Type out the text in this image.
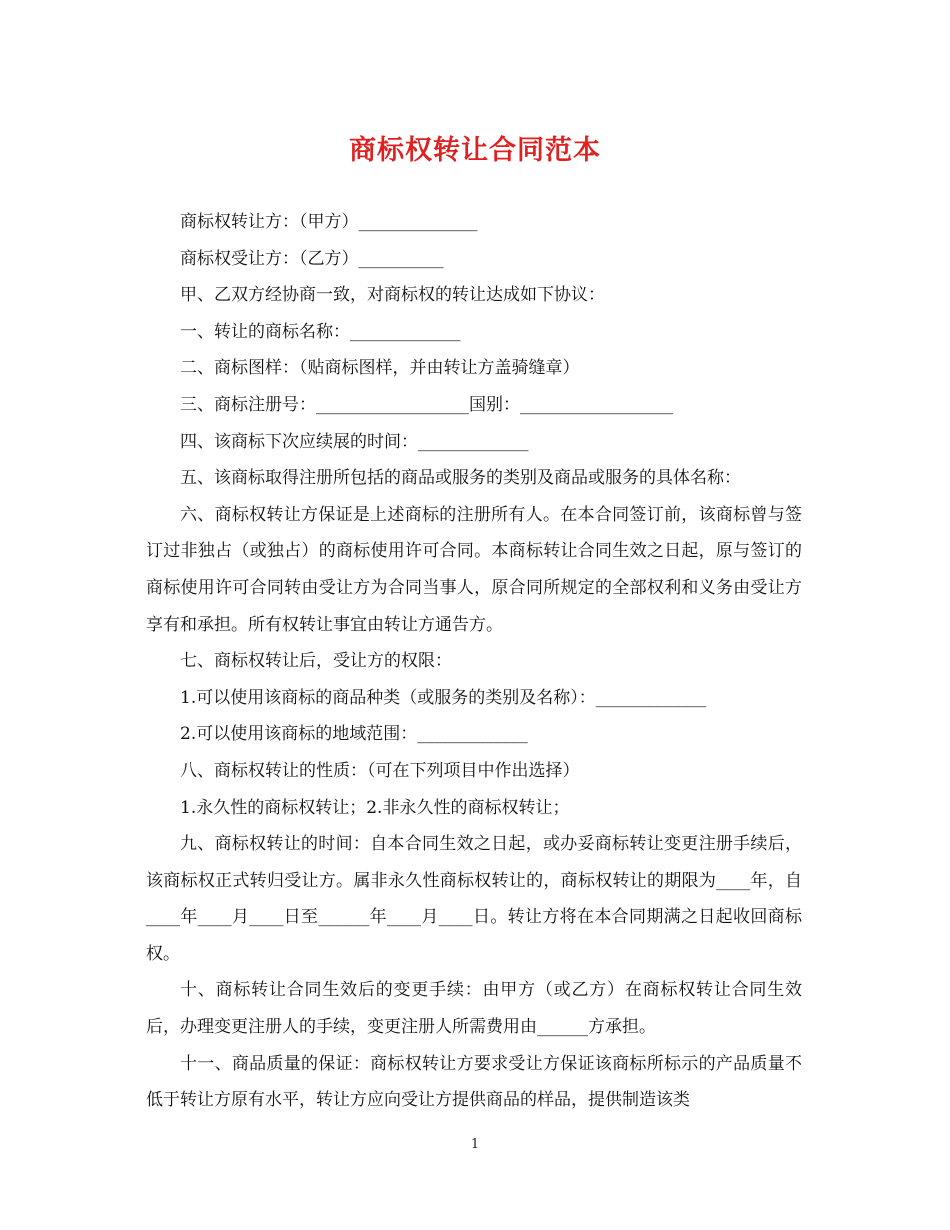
商标权转让合同范本

商标权转让方：（甲方）______________

商标权受让方：（乙方）__________

甲、乙双方经协商一致，对商标权的转让达成如下协议：

一、转让的商标名称：_____________

二、商标图样：（贴商标图样，并由转让方盖骑缝章）

三、商标注册号：__________________国别：__________________

四、该商标下次应续展的时间：_____________

五、该商标取得注册所包括的商品或服务的类别及商品或服务的具体名称：

六、商标权转让方保证是上述商标的注册所有人。在本合同签订前，该商标曾与签订过非独占（或独占）的商标使用许可合同。本商标转让合同生效之日起，原与签订的商标使用许可合同转由受让方为合同当事人，原合同所规定的全部权利和义务由受让方享有和承担。所有权转让事宜由转让方通告方。

七、商标权转让后，受让方的权限：

1.可以使用该商标的商品种类（或服务的类别及名称）：_____________

2.可以使用该商标的地域范围：_____________

八、商标权转让的性质：（可在下列项目中作出选择）

1.永久性的商标权转让；2.非永久性的商标权转让；

九、商标权转让的时间：自本合同生效之日起，或办妥商标转让变更注册手续后，该商标权正式转归受让方。属非永久性商标权转让的，商标权转让的期限为____年，自____年____月____日至______年____月____日。转让方将在本合同期满之日起收回商标权。

十、商标转让合同生效后的变更手续：由甲方（或乙方）在商标权转让合同生效后，办理变更注册人的手续，变更注册人所需费用由______方承担。

十一、商品质量的保证：商标权转让方要求受让方保证该商标所标示的产品质量不低于转让方原有水平，转让方应向受让方提供商品的样品，提供制造该类

1
